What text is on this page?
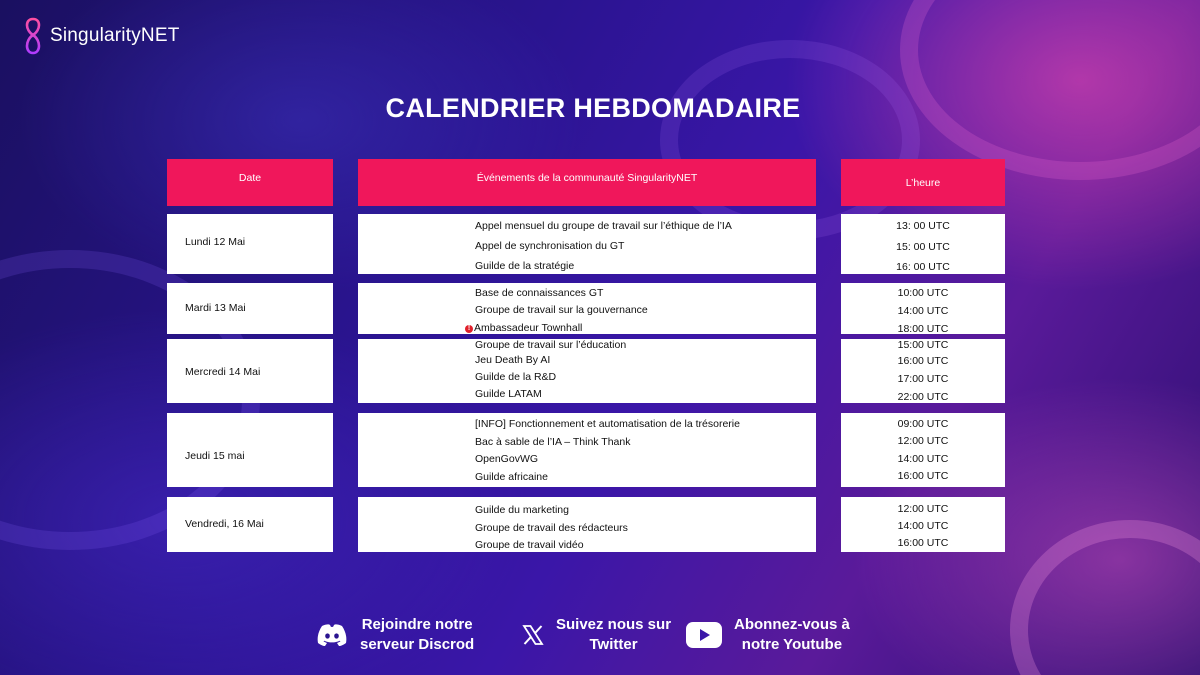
SingularityNET
CALENDRIER HEBDOMADAIRE
Date	Événements de la communauté SingularityNET	L’heure
Lundi 12 Mai
Appel mensuel du groupe de travail sur l’éthique de l’IA
Appel de synchronisation du GT
Guilde de la stratégie
13: 00 UTC
15: 00 UTC
16: 00 UTC
Mardi 13 Mai
Base de connaissances GT
Groupe de travail sur la gouvernance
! Ambassadeur Townhall
10:00 UTC
14:00 UTC
18:00 UTC
Mercredi 14 Mai
Groupe de travail sur l’éducation
Jeu Death By AI
Guilde de la R&D
Guilde LATAM
15:00 UTC
16:00 UTC
17:00 UTC
22:00 UTC
Jeudi 15 mai
[INFO] Fonctionnement et automatisation de la trésorerie
Bac à sable de l’IA – Think Thank
OpenGovWG
Guilde africaine
09:00 UTC
12:00 UTC
14:00 UTC
16:00 UTC
Vendredi, 16 Mai
Guilde du marketing
Groupe de travail des rédacteurs
Groupe de travail vidéo
12:00 UTC
14:00 UTC
16:00 UTC
Rejoindre notre
serveur Discrod
Suivez nous sur
Twitter
Abonnez-vous à
notre Youtube
